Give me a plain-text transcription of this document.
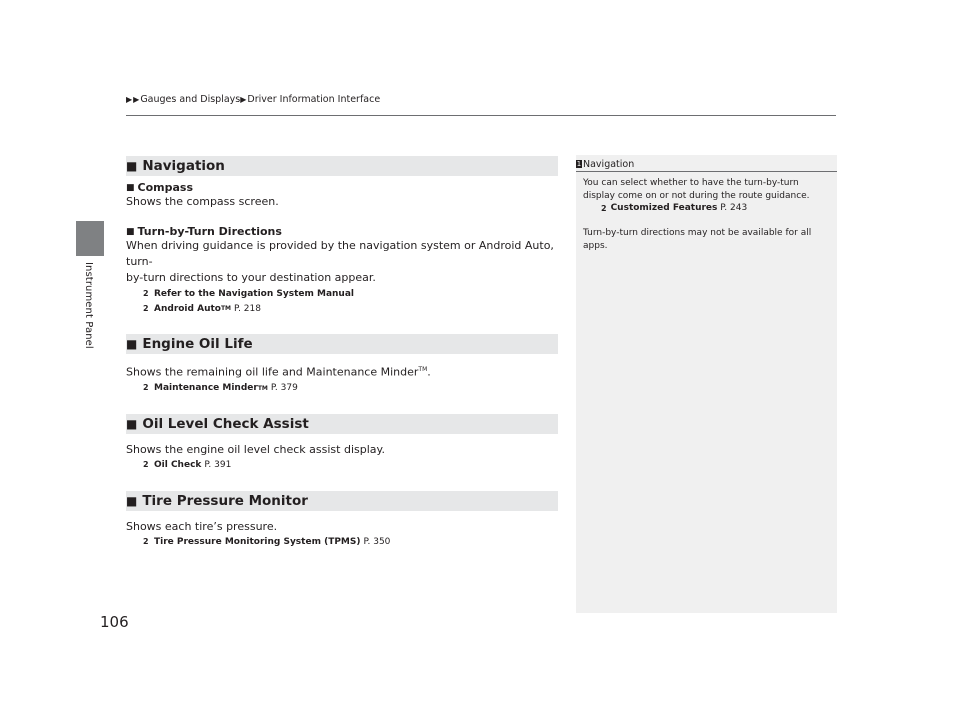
▶ ▶ Gauges and Displays ▶ Driver Information Interface
Instrument Panel
106
■ Navigation
■ Compass

Shows the compass screen.

■ Turn-by-Turn Directions

When driving guidance is provided by the navigation system or Android Auto, turn-

by-turn directions to your destination appear.

2 Refer to the Navigation System Manual
2 Android Auto TM P. 218
■ Engine Oil Life

Shows the remaining oil life and Maintenance Minder™.

2 Maintenance Minder TM P. 379
■ Oil Level Check Assist

Shows the engine oil level check assist display.

2 Oil Check P. 391
■ Tire Pressure Monitor

Shows each tire’s pressure.

2 Tire Pressure Monitoring System (TPMS) P. 350
1 Navigation
You can select whether to have the turn-by-turn display come on or not during the route guidance.
2 Customized Features
P. 243
Turn-by-turn directions may not be available for all apps.
